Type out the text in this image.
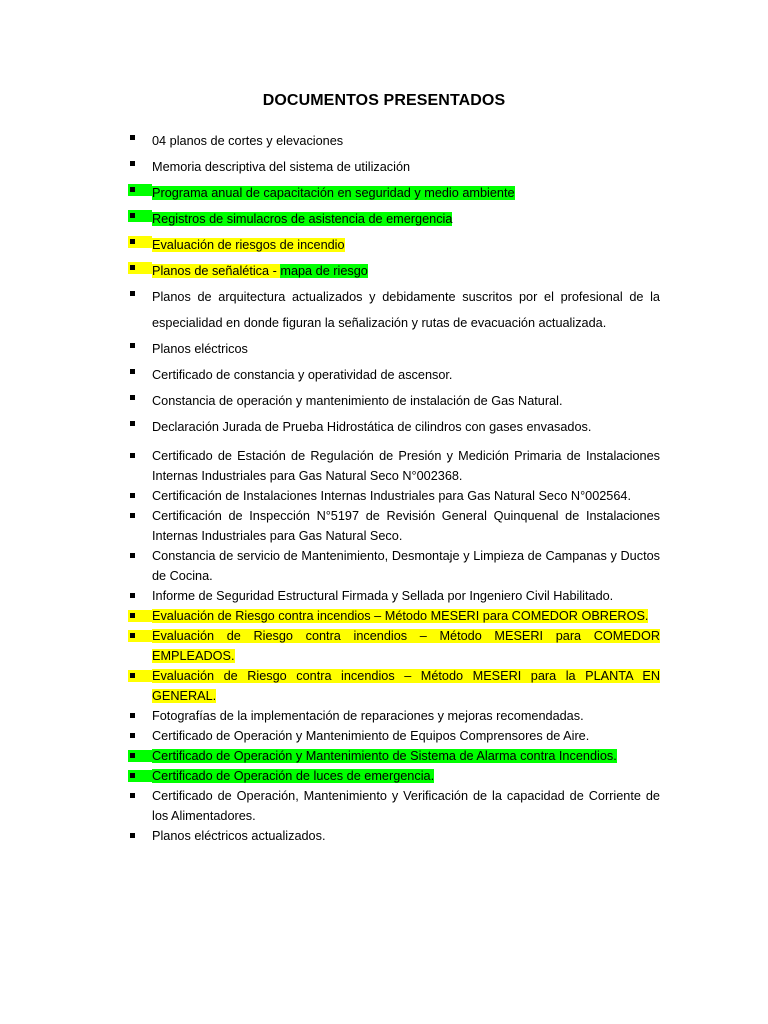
DOCUMENTOS PRESENTADOS
04 planos de cortes y elevaciones
Memoria descriptiva del sistema de utilización
Programa anual de capacitación en seguridad y medio ambiente
Registros de simulacros de asistencia de emergencia
Evaluación de riesgos de incendio
Planos de señalética - mapa de riesgo
Planos de arquitectura actualizados y debidamente suscritos por el profesional de la especialidad en donde figuran la señalización y rutas de evacuación actualizada.
Planos eléctricos
Certificado de constancia y operatividad de ascensor.
Constancia de operación y mantenimiento de instalación de Gas Natural.
Declaración Jurada de Prueba Hidrostática de cilindros con gases envasados.
Certificado de Estación de Regulación de Presión y Medición Primaria de Instalaciones Internas Industriales para Gas Natural Seco N°002368.
Certificación de Instalaciones Internas Industriales para Gas Natural Seco N°002564.
Certificación de Inspección N°5197 de Revisión General Quinquenal de Instalaciones Internas Industriales para Gas Natural Seco.
Constancia de servicio de Mantenimiento, Desmontaje y Limpieza de Campanas y Ductos de Cocina.
Informe de Seguridad Estructural Firmada y Sellada por Ingeniero Civil Habilitado.
Evaluación de Riesgo contra incendios – Método MESERI para COMEDOR OBREROS.
Evaluación de Riesgo contra incendios – Método MESERI para COMEDOR EMPLEADOS.
Evaluación de Riesgo contra incendios – Método MESERI para la PLANTA EN GENERAL.
Fotografías de la implementación de reparaciones y mejoras recomendadas.
Certificado de Operación y Mantenimiento de Equipos Comprensores de Aire.
Certificado de Operación y Mantenimiento de Sistema de Alarma contra Incendios.
Certificado de Operación de luces de emergencia.
Certificado de Operación, Mantenimiento y Verificación de la capacidad de Corriente de los Alimentadores.
Planos eléctricos actualizados.
